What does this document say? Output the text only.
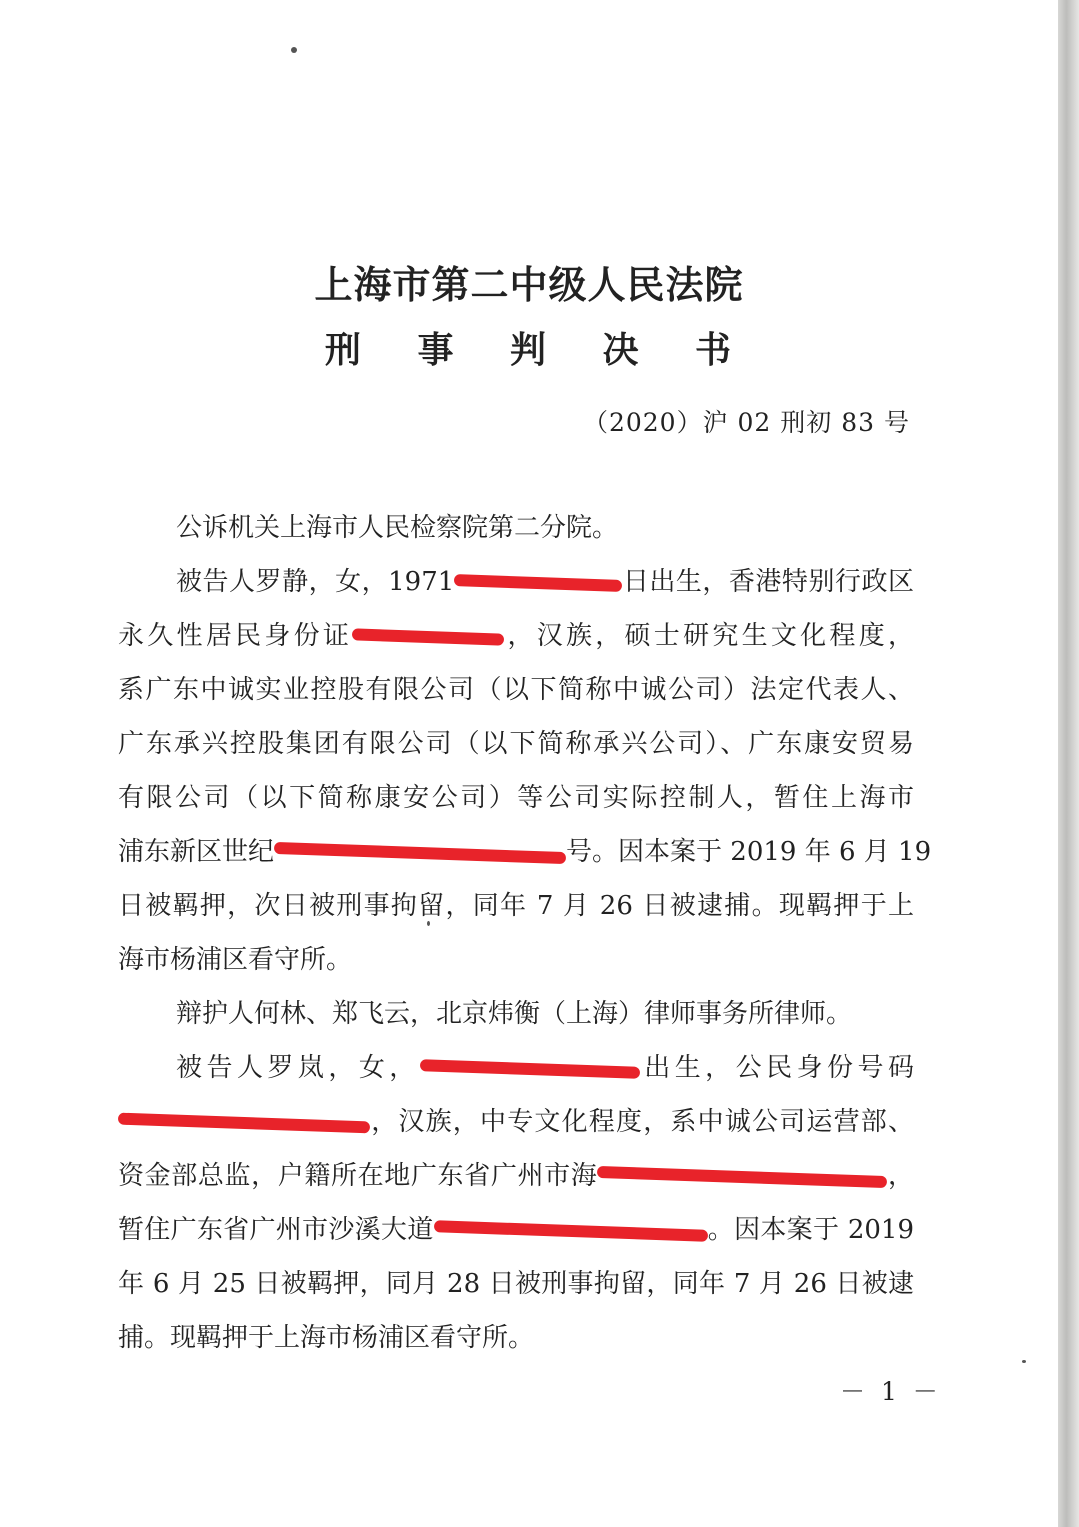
上海市第二中级人民法院
刑 事 判 决 书
（2020）沪 02 刑初 83 号
公诉机关上海市人民检察院第二分院。
被告人罗静，女，1971	日出生，香港特别行政区
永久性居民身份证	，汉族，硕士研究生文化程度，
系广东中诚实业控股有限公司（以下简称中诚公司）法定代表人、
广东承兴控股集团有限公司（以下简称承兴公司）、广东康安贸易
有限公司（以下简称康安公司）等公司实际控制人，暂住上海市
浦东新区世纪	号。因本案于 2019 年 6 月 19
日被羁押，次日被刑事拘留，同年 7 月 26 日被逮捕。现羁押于上
海市杨浦区看守所。
辩护人何林、郑飞云，北京炜衡（上海）律师事务所律师。
被告人罗岚，女，	出生，公民身份号码
，汉族，中专文化程度，系中诚公司运营部、
资金部总监，户籍所在地广东省广州市海	，
暂住广东省广州市沙溪大道	。因本案于 2019
年 6 月 25 日被羁押，同月 28 日被刑事拘留，同年 7 月 26 日被逮
捕。现羁押于上海市杨浦区看守所。
－ 1 －
